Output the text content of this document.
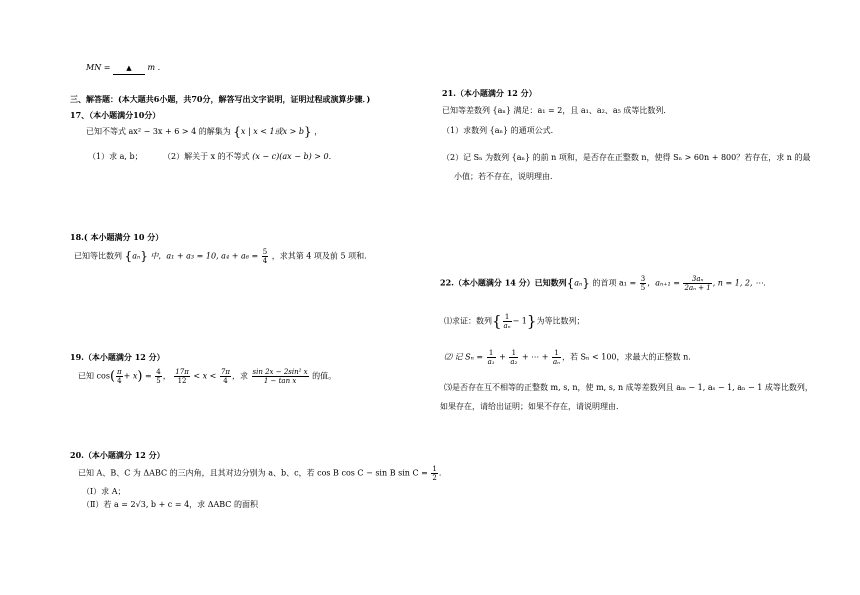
MN = ▲ m .
三、解答题：(本大题共6小题，共70分，解答写出文字说明，证明过程或演算步骤．)
17、（本小题满分10分）
已知不等式 ax² − 3x + 6 > 4 的解集为 {x | x < 1或x > b} ，
（1）求 a, b；	（2）解关于 x 的不等式 (x − c)(ax − b) > 0．
18.( 本小题满分 10 分）
已知等比数列 {aₙ} 中，a₁ + a₃ = 10, $a_4 + a_6 = \frac{5}{4}$ ，求其第 4 项及前 5 项和．
19.（本小题满分 12 分）
已知 $\cos( \frac{\pi}{4} + x) = \frac{4}{5}$ ， $\frac{17\pi}{12} < x < \frac{7\pi}{4}$ ，求 $\frac{\text{sin 2x − 2sin² x}}{\text{1 − tan x}}$ 的值。
20.（本小题满分 12 分）
已知 A、B、C 为 ΔABC 的三内角，且其对边分别为 a、b、c，若 cos B cos C − sin B $\sin C = \frac{1}{2}$ ．
（Ⅰ）求 A；
（Ⅱ）若 a = 2√3, b + c = 4，求 ΔABC 的面积
21.（本小题满分 12 分）
已知等差数列 {aₙ} 满足：a₁ = 2，且 a₁、a₂、a₅ 成等比数列．
（1）求数列 {aₙ} 的通项公式．
（2）记 Sₙ 为数列 {aₙ} 的前 n 项和，是否存在正整数 n，使得 Sₙ > 60n + 800？若存在，求 n 的最
小值；若不存在，说明理由．
22.（本小题满分 14 分）已知数列{aₙ} 的首项 $a_1 = \frac{3}{5}$ ，$a_{n+1} = \frac{\text{3aₙ}}{\text{2aₙ + 1}}$ , n = 1, 2, ⋯．
⑴求证：数列{ $\frac{1}{\text{aₙ}} - 1$}为等比数列；
⑵ 记 $S_n = \frac{1}{\text{a₁}} + \frac{1}{\text{a₂}}$ + ⋯ + $\frac{1}{\text{aₙ}}$ ，若 Sₙ < 100，求最大的正整数 n．
⑶是否存在互不相等的正整数 m, s, n，使 m, s, n 成等差数列且 aₘ − 1, aₛ − 1, aₙ − 1 成等比数列，
如果存在，请给出证明；如果不存在，请说明理由．
